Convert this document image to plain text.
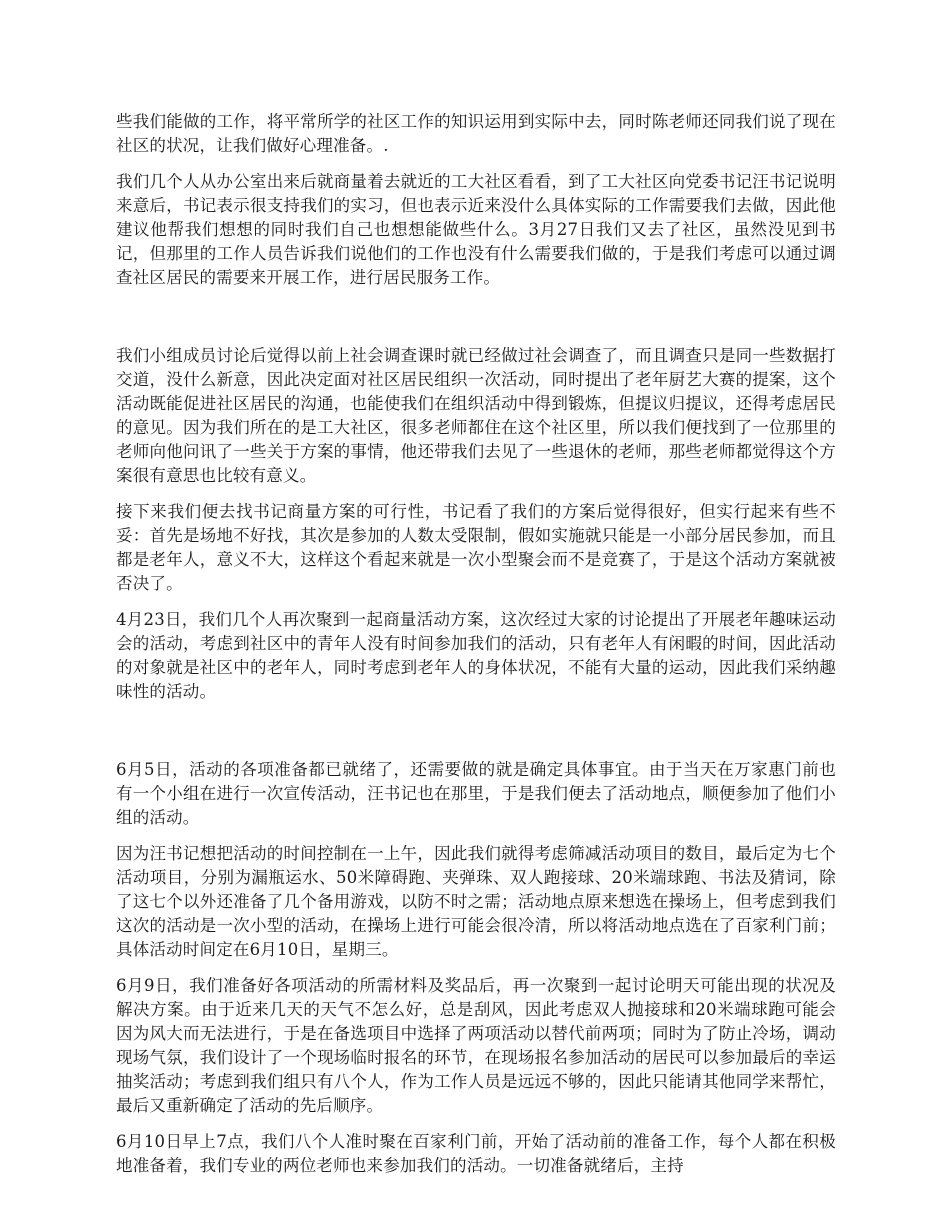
些我们能做的工作，将平常所学的社区工作的知识运用到实际中去，同时陈老师还同我们说了现在社区的状况，让我们做好心理准备。.

我们几个人从办公室出来后就商量着去就近的工大社区看看，到了工大社区向党委书记汪书记说明来意后，书记表示很支持我们的实习，但也表示近来没什么具体实际的工作需要我们去做，因此他建议他帮我们想想的同时我们自己也想想能做些什么。3月27日我们又去了社区，虽然没见到书记，但那里的工作人员告诉我们说他们的工作也没有什么需要我们做的，于是我们考虑可以通过调查社区居民的需要来开展工作，进行居民服务工作。

我们小组成员讨论后觉得以前上社会调查课时就已经做过社会调查了，而且调查只是同一些数据打交道，没什么新意，因此决定面对社区居民组织一次活动，同时提出了老年厨艺大赛的提案，这个活动既能促进社区居民的沟通，也能使我们在组织活动中得到锻炼，但提议归提议，还得考虑居民的意见。因为我们所在的是工大社区，很多老师都住在这个社区里，所以我们便找到了一位那里的老师向他问讯了一些关于方案的事情，他还带我们去见了一些退休的老师，那些老师都觉得这个方案很有意思也比较有意义。

接下来我们便去找书记商量方案的可行性，书记看了我们的方案后觉得很好，但实行起来有些不妥：首先是场地不好找，其次是参加的人数太受限制，假如实施就只能是一小部分居民参加，而且都是老年人，意义不大，这样这个看起来就是一次小型聚会而不是竞赛了，于是这个活动方案就被否决了。

4月23日，我们几个人再次聚到一起商量活动方案，这次经过大家的讨论提出了开展老年趣味运动会的活动，考虑到社区中的青年人没有时间参加我们的活动，只有老年人有闲暇的时间，因此活动的对象就是社区中的老年人，同时考虑到老年人的身体状况，不能有大量的运动，因此我们采纳趣味性的活动。

6月5日，活动的各项准备都已就绪了，还需要做的就是确定具体事宜。由于当天在万家惠门前也有一个小组在进行一次宣传活动，汪书记也在那里，于是我们便去了活动地点，顺便参加了他们小组的活动。

因为汪书记想把活动的时间控制在一上午，因此我们就得考虑筛减活动项目的数目，最后定为七个活动项目，分别为漏瓶运水、50米障碍跑、夹弹珠、双人跑接球、20米端球跑、书法及猜词，除了这七个以外还准备了几个备用游戏，以防不时之需；活动地点原来想选在操场上，但考虑到我们这次的活动是一次小型的活动，在操场上进行可能会很冷清，所以将活动地点选在了百家利门前；具体活动时间定在6月10日，星期三。

6月9日，我们准备好各项活动的所需材料及奖品后，再一次聚到一起讨论明天可能出现的状况及解决方案。由于近来几天的天气不怎么好，总是刮风，因此考虑双人抛接球和20米端球跑可能会因为风大而无法进行，于是在备选项目中选择了两项活动以替代前两项；同时为了防止冷场，调动现场气氛，我们设计了一个现场临时报名的环节，在现场报名参加活动的居民可以参加最后的幸运抽奖活动；考虑到我们组只有八个人，作为工作人员是远远不够的，因此只能请其他同学来帮忙，最后又重新确定了活动的先后顺序。

6月10日早上7点，我们八个人准时聚在百家利门前，开始了活动前的准备工作，每个人都在积极地准备着，我们专业的两位老师也来参加我们的活动。一切准备就绪后，主持
